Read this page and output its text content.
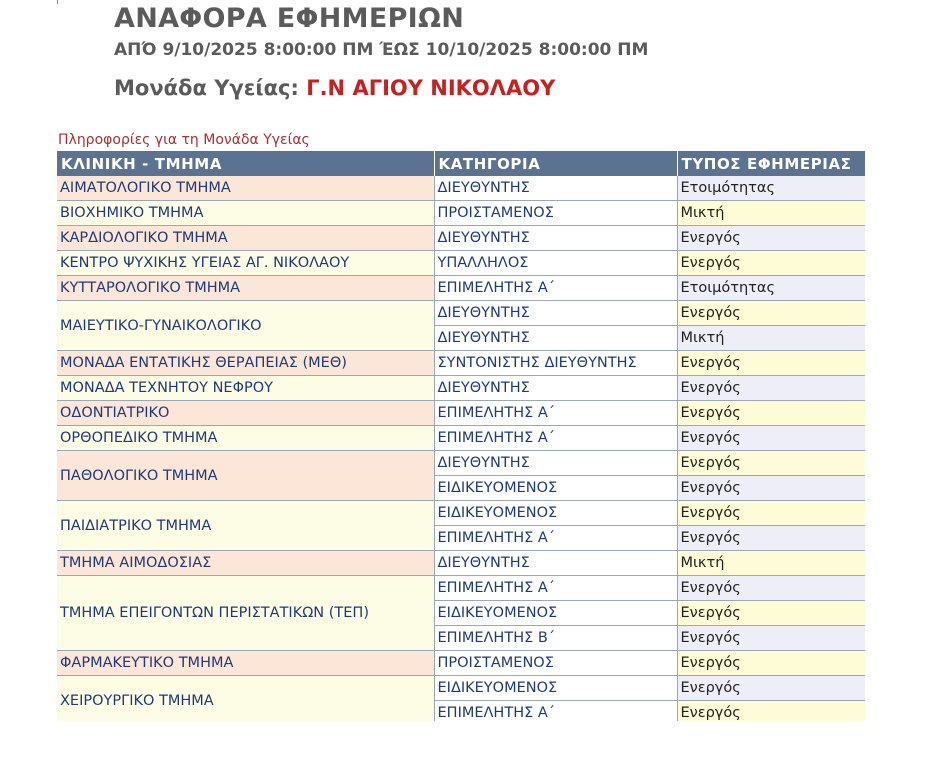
ΑΝΑΦΟΡΑ ΕΦΗΜΕΡΙΩΝ
ΑΠΌ 9/10/2025 8:00:00 ΠΜ ΈΩΣ 10/10/2025 8:00:00 ΠΜ
Μονάδα Υγείας: Γ.Ν ΑΓΙΟΥ ΝΙΚΟΛΑΟΥ
Πληροφορίες για τη Μονάδα Υγείας
ΚΛΙΝΙΚΗ - ΤΜΗΜΑ	ΚΑΤΗΓΟΡΙΑ	ΤΥΠΟΣ ΕΦΗΜΕΡΙΑΣ
ΑΙΜΑΤΟΛΟΓΙΚΟ ΤΜΗΜΑ	ΔΙΕΥΘΥΝΤΗΣ	Ετοιμότητας
ΒΙΟΧΗΜΙΚΟ ΤΜΗΜΑ	ΠΡΟΙΣΤΑΜΕΝΟΣ	Μικτή
ΚΑΡΔΙΟΛΟΓΙΚΟ ΤΜΗΜΑ	ΔΙΕΥΘΥΝΤΗΣ	Ενεργός
ΚΕΝΤΡΟ ΨΥΧΙΚΗΣ ΥΓΕΙΑΣ ΑΓ. ΝΙΚΟΛΑΟΥ	ΥΠΑΛΛΗΛΟΣ	Ενεργός
ΚΥΤΤΑΡΟΛΟΓΙΚΟ ΤΜΗΜΑ	ΕΠΙΜΕΛΗΤΗΣ Α΄	Ετοιμότητας
ΜΑΙΕΥΤΙΚΟ-ΓΥΝΑΙΚΟΛΟΓΙΚΟ	ΔΙΕΥΘΥΝΤΗΣ	Ενεργός
	ΔΙΕΥΘΥΝΤΗΣ	Μικτή
ΜΟΝΑΔΑ ΕΝΤΑΤΙΚΗΣ ΘΕΡΑΠΕΙΑΣ (ΜΕΘ)	ΣΥΝΤΟΝΙΣΤΗΣ ΔΙΕΥΘΥΝΤΗΣ	Ενεργός
ΜΟΝΑΔΑ ΤΕΧΝΗΤΟΥ ΝΕΦΡΟΥ	ΔΙΕΥΘΥΝΤΗΣ	Ενεργός
ΟΔΟΝΤΙΑΤΡΙΚΟ	ΕΠΙΜΕΛΗΤΗΣ Α΄	Ενεργός
ΟΡΘΟΠΕΔΙΚΟ ΤΜΗΜΑ	ΕΠΙΜΕΛΗΤΗΣ Α΄	Ενεργός
ΠΑΘΟΛΟΓΙΚΟ ΤΜΗΜΑ	ΔΙΕΥΘΥΝΤΗΣ	Ενεργός
	ΕΙΔΙΚΕΥΟΜΕΝΟΣ	Ενεργός
ΠΑΙΔΙΑΤΡΙΚΟ ΤΜΗΜΑ	ΕΙΔΙΚΕΥΟΜΕΝΟΣ	Ενεργός
	ΕΠΙΜΕΛΗΤΗΣ Α΄	Ενεργός
ΤΜΗΜΑ ΑΙΜΟΔΟΣΙΑΣ	ΔΙΕΥΘΥΝΤΗΣ	Μικτή
ΤΜΗΜΑ ΕΠΕΙΓΟΝΤΩΝ ΠΕΡΙΣΤΑΤΙΚΩΝ (ΤΕΠ)	ΕΠΙΜΕΛΗΤΗΣ Α΄	Ενεργός
	ΕΙΔΙΚΕΥΟΜΕΝΟΣ	Ενεργός
	ΕΠΙΜΕΛΗΤΗΣ Β΄	Ενεργός
ΦΑΡΜΑΚΕΥΤΙΚΟ ΤΜΗΜΑ	ΠΡΟΙΣΤΑΜΕΝΟΣ	Ενεργός
ΧΕΙΡΟΥΡΓΙΚΟ ΤΜΗΜΑ	ΕΙΔΙΚΕΥΟΜΕΝΟΣ	Ενεργός
	ΕΠΙΜΕΛΗΤΗΣ Α΄	Ενεργός
